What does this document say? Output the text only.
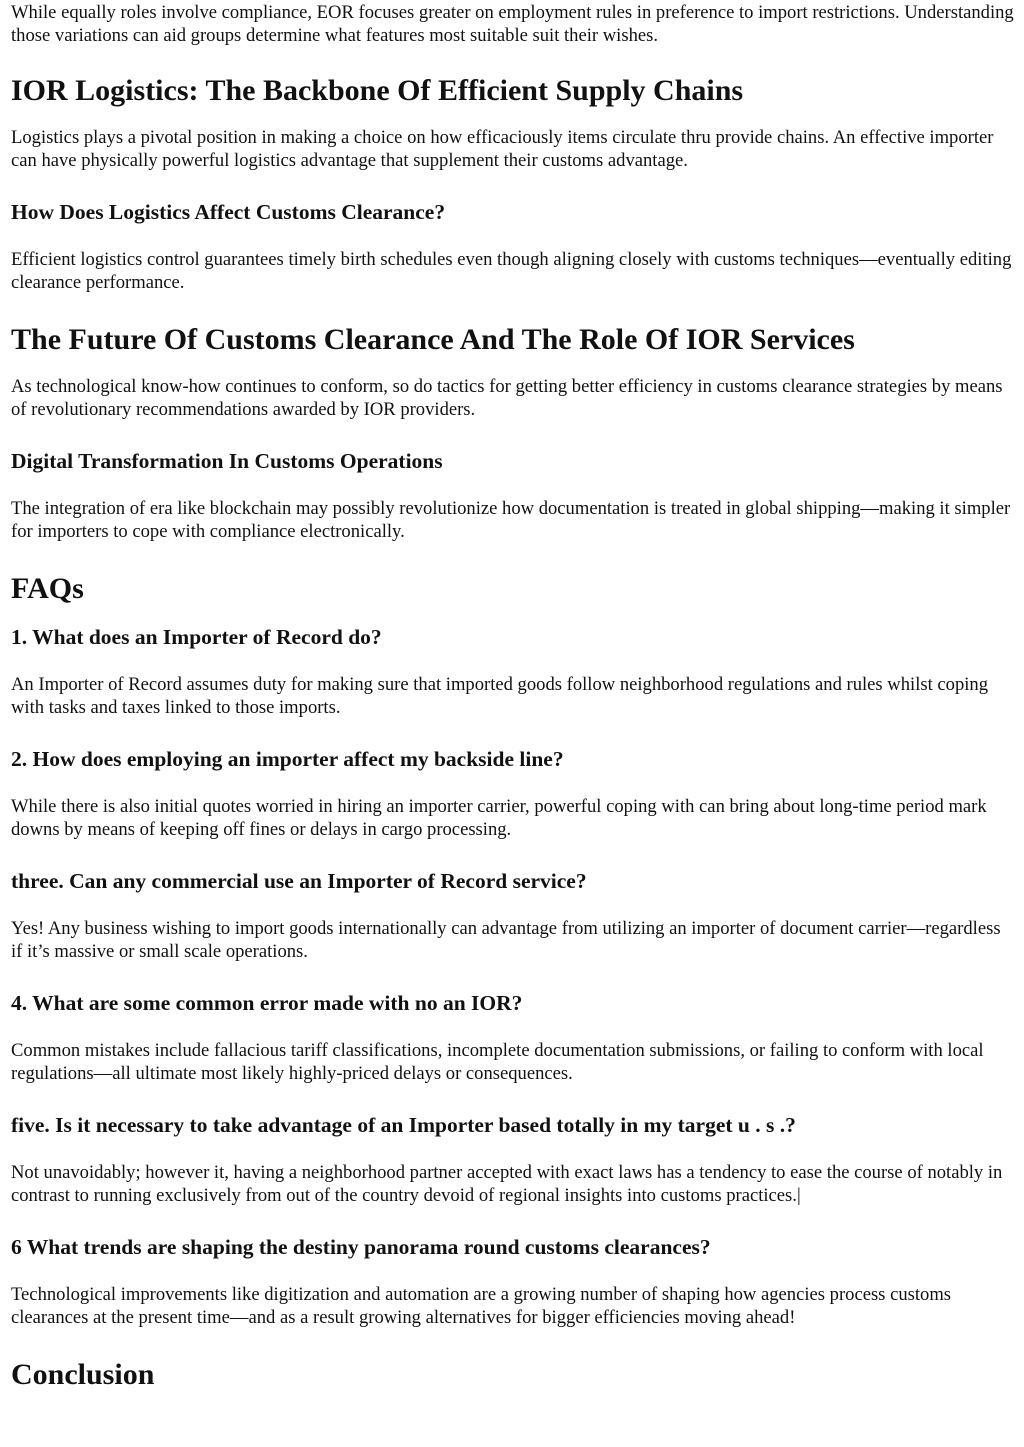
While equally roles involve compliance, EOR focuses greater on employment rules in preference to import restrictions. Understanding those variations can aid groups determine what features most suitable suit their wishes.

IOR Logistics: The Backbone Of Efficient Supply Chains

Logistics plays a pivotal position in making a choice on how efficaciously items circulate thru provide chains. An effective importer can have physically powerful logistics advantage that supplement their customs advantage.

How Does Logistics Affect Customs Clearance?

Efficient logistics control guarantees timely birth schedules even though aligning closely with customs techniques—eventually editing clearance performance.

The Future Of Customs Clearance And The Role Of IOR Services

As technological know-how continues to conform, so do tactics for getting better efficiency in customs clearance strategies by means of revolutionary recommendations awarded by IOR providers.

Digital Transformation In Customs Operations

The integration of era like blockchain may possibly revolutionize how documentation is treated in global shipping—making it simpler for importers to cope with compliance electronically.

FAQs
1. What does an Importer of Record do?

An Importer of Record assumes duty for making sure that imported goods follow neighborhood regulations and rules whilst coping with tasks and taxes linked to those imports.

2. How does employing an importer affect my backside line?

While there is also initial quotes worried in hiring an importer carrier, powerful coping with can bring about long-time period mark downs by means of keeping off fines or delays in cargo processing.

three. Can any commercial use an Importer of Record service?

Yes! Any business wishing to import goods internationally can advantage from utilizing an importer of document carrier—regardless if it’s massive or small scale operations.

4. What are some common error made with no an IOR?

Common mistakes include fallacious tariff classifications, incomplete documentation submissions, or failing to conform with local regulations—all ultimate most likely highly-priced delays or consequences.

five. Is it necessary to take advantage of an Importer based totally in my target u . s .?

Not unavoidably; however it, having a neighborhood partner accepted with exact laws has a tendency to ease the course of notably in contrast to running exclusively from out of the country devoid of regional insights into customs practices.|

6 What trends are shaping the destiny panorama round customs clearances?

Technological improvements like digitization and automation are a growing number of shaping how agencies process customs clearances at the present time—and as a result growing alternatives for bigger efficiencies moving ahead!

Conclusion
